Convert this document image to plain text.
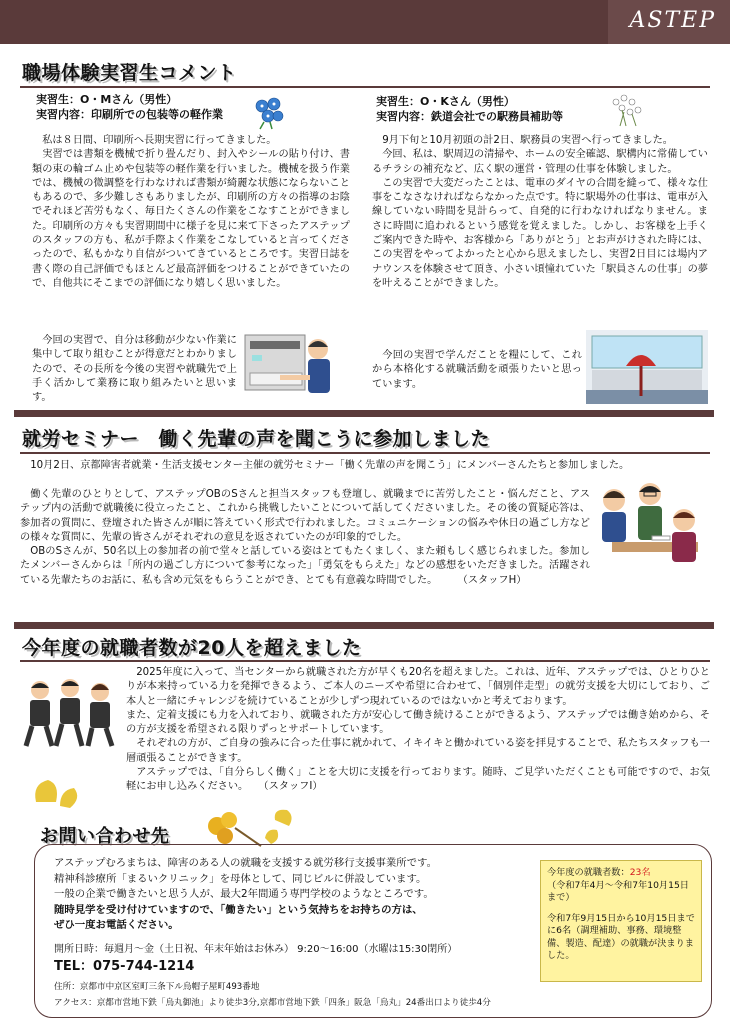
ASTEP
職場体験実習生コメント
実習生：O・Mさん（男性）
実習内容：印刷所での包装等の軽作業
私は８日間、印刷所へ長期実習に行ってきました。
実習では書類を機械で折り畳んだり、封入やシールの貼り付け、書類の束の輪ゴム止めや包装等の軽作業を行いました。機械を扱う作業では、機械の微調整を行わなければ書類が綺麗な状態にならないこともあるので、多少難しさもありましたが、印刷所の方々の指導のお陰でそれほど苦労もなく、毎日たくさんの作業をこなすことができました。印刷所の方々も実習期間中に様子を見に来て下さったアステップのスタッフの方も、私が手際よく作業をこなしていると言ってくださったので、私もかなり自信がついてきているところです。実習日誌を書く際の自己評価でもほとんど最高評価をつけることができていたので、自他共にそこまでの評価になり嬉しく思いました。
今回の実習で、自分は移動が少ない作業に集中して取り組むことが得意だとわかりましたので、その長所を今後の実習や就職先で上手く活かして業務に取り組みたいと思います。
実習生：O・Kさん（男性）
実習内容：鉄道会社での駅務員補助等
9月下旬と10月初頭の計2日、駅務員の実習へ行ってきました。
今回、私は、駅周辺の清掃や、ホームの安全確認、駅構内に常備しているチラシの補充など、広く駅の運営・管理の仕事を体験しました。
この実習で大変だったことは、電車のダイヤの合間を縫って、様々な仕事をこなさなければならなかった点です。特に駅場外の仕事は、電車が入線していない時間を見計らって、自発的に行わなければなりません。まさに時間に追われるという感覚を覚えました。しかし、お客様を上手くご案内できた時や、お客様から「ありがとう」とお声がけされた時には、この実習をやってよかったと心から思えましたし、実習2日目には場内アナウンスを体験させて頂き、小さい頃憧れていた「駅員さんの仕事」の夢を叶えることができました。
今回の実習で学んだことを糧にして、これから本格化する就職活動を頑張りたいと思っています。
就労セミナー　働く先輩の声を聞こうに参加しました
10月2日、京都障害者就業・生活支援センター主催の就労セミナー「働く先輩の声を聞こう」にメンバーさんたちと参加しました。
働く先輩のひとりとして、アステップOBのSさんと担当スタッフも登壇し、就職までに苦労したこと・悩んだこと、アステップ内の活動で就職後に役立ったこと、これから挑戦したいことについて話してくださいました。その後の質疑応答は、参加者の質問に、登壇された皆さんが順に答えていく形式で行われました。コミュニケーションの悩みや休日の過ごし方などの様々な質問に、先輩の皆さんがそれぞれの意見を返されていたのが印象的でした。
OBのSさんが、50名以上の参加者の前で堂々と話している姿はとてもたくましく、また頼もしく感じられました。参加したメンバーさんからは「所内の過ごし方について参考になった」「勇気をもらえた」などの感想をいただきました。活躍されている先輩たちのお話に、私も含め元気をもらうことができ、とても有意義な時間でした。　　　（スタッフH）
今年度の就職者数が20人を超えました
2025年度に入って、当センターから就職された方が早くも20名を超えました。これは、近年、アステップでは、ひとりひとりが本来持っている力を発揮できるよう、ご本人のニーズや希望に合わせて、「個別伴走型」の就労支援を大切にしており、ご本人と一緒にチャレンジを続けていることが少しずつ現れているのではないかと考えております。
また、定着支援にも力を入れており、就職された方が安心して働き続けることができるよう、アステップでは働き始めから、その方が支援を希望される限りずっとサポートしています。
それぞれの方が、ご自身の強みに合った仕事に就かれて、イキイキと働かれている姿を拝見することで、私たちスタッフも一層頑張ることができます。
アステップでは、「自分らしく働く」ことを大切に支援を行っております。随時、ご見学いただくことも可能ですので、お気軽にお申し込みください。　　（スタッフI）
お問い合わせ先
アステップむろまちは、障害のある人の就職を支援する就労移行支援事業所です。
精神科診療所「まるいクリニック」を母体として、同じビルに併設しています。
一般の企業で働きたいと思う人が、最大2年間通う専門学校のようなところです。
随時見学を受け付けていますので、「働きたい」という気持ちをお持ちの方は、
ぜひ一度お電話ください。
開所日時：毎週月～金（土日祝、年末年始はお休み） 9:20～16:00（水曜は15:30閉所）
TEL：075-744-1214
住所：京都市中京区室町三条下ル烏帽子屋町493番地
アクセス：京都市営地下鉄「烏丸御池」より徒歩3分,京都市営地下鉄「四条」阪急「烏丸」24番出口より徒歩4分
今年度の就職者数：23名
（令和7年4月～令和7年10月15日まで）
令和7年9月15日から10月15日までに6名（調理補助、事務、環境整備、製造、配達）の就職が決まりました。
